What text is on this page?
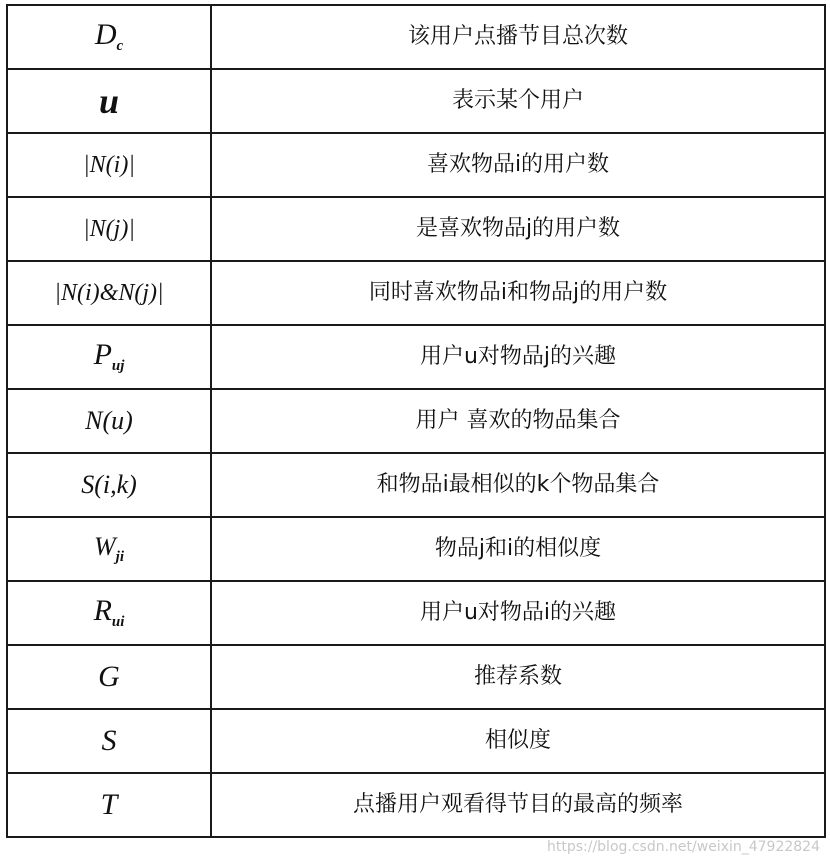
$D_c$	该用户点播节目总次数
u	表示某个用户
|N(i)|	喜欢物品i的用户数
|N(j)|	是喜欢物品j的用户数
|N(i)&N(j)|	同时喜欢物品i和物品j的用户数
$P_{uj}$	用户u对物品j的兴趣
N(u)	用户 喜欢的物品集合
S(i,k)	和物品i最相似的k个物品集合
$W_{ji}$	物品j和i的相似度
$R_{ui}$	用户u对物品i的兴趣
G	推荐系数
S	相似度
T	点播用户观看得节目的最高的频率
https://blog.csdn.net/weixin_47922824
